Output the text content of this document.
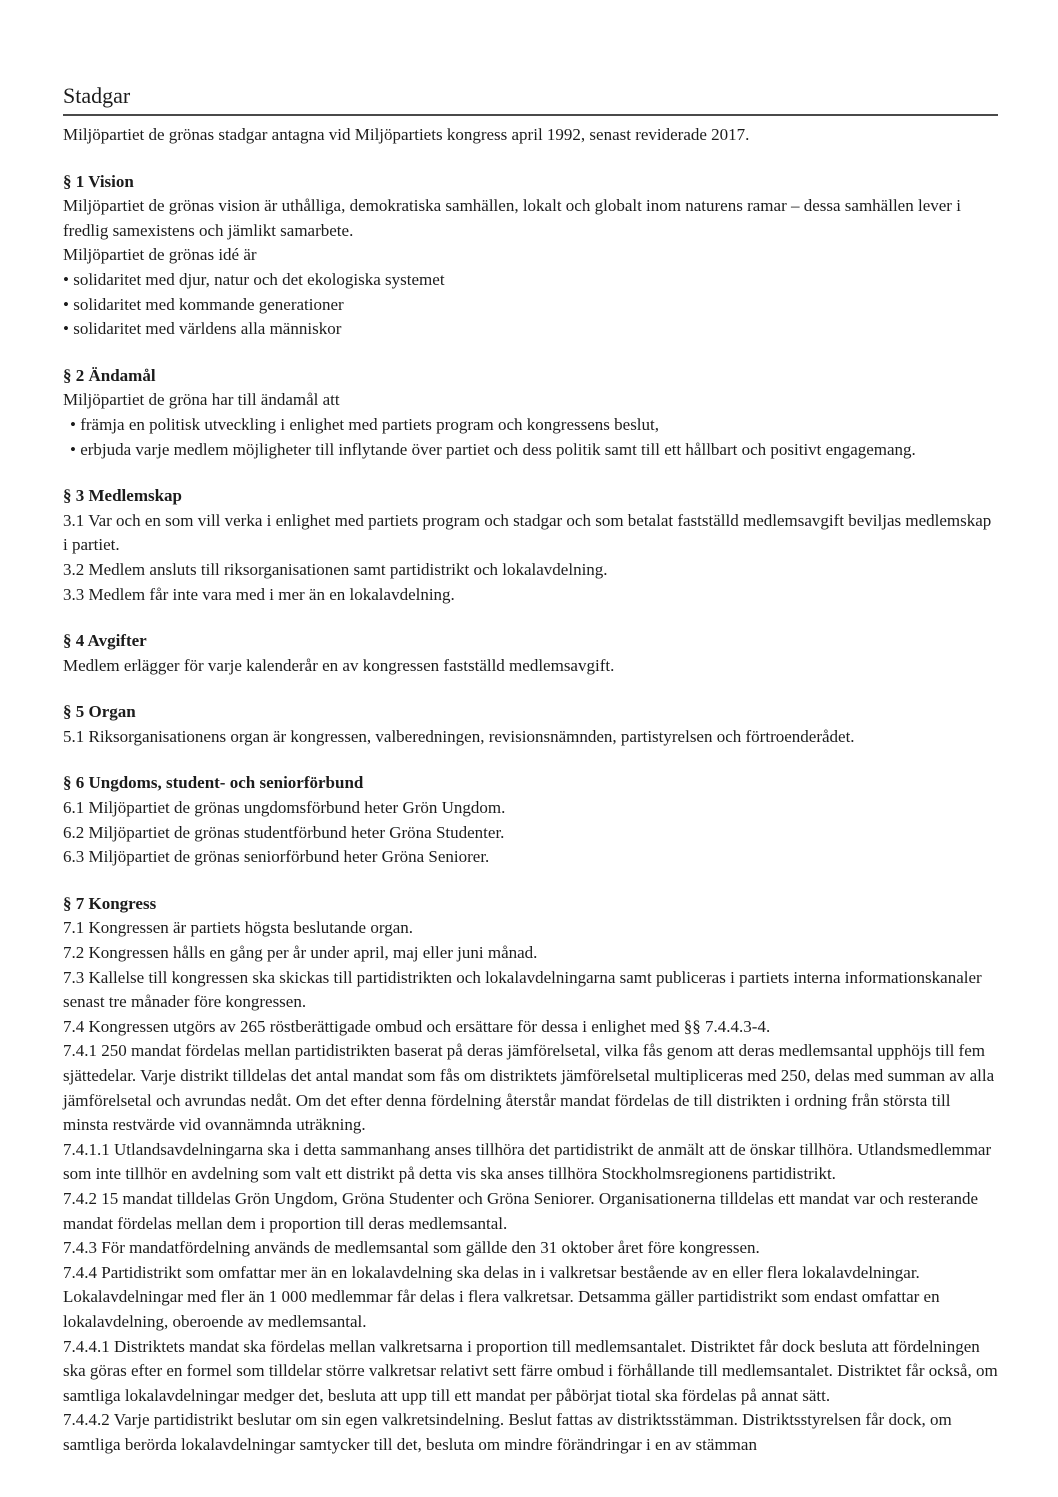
Stadgar

Miljöpartiet de grönas stadgar antagna vid Miljöpartiets kongress april 1992, senast reviderade 2017.

§ 1 Vision

Miljöpartiet de grönas vision är uthålliga, demokratiska samhällen, lokalt och globalt inom naturens ramar – dessa samhällen lever i fredlig samexistens och jämlikt samarbete.

Miljöpartiet de grönas idé är

• solidaritet med djur, natur och det ekologiska systemet

• solidaritet med kommande generationer

• solidaritet med världens alla människor

§ 2 Ändamål

Miljöpartiet de gröna har till ändamål att

• främja en politisk utveckling i enlighet med partiets program och kongressens beslut,

• erbjuda varje medlem möjligheter till inflytande över partiet och dess politik samt till ett hållbart och positivt engagemang.

§ 3 Medlemskap

3.1 Var och en som vill verka i enlighet med partiets program och stadgar och som betalat fastställd medlemsavgift beviljas medlemskap i partiet.

3.2 Medlem ansluts till riksorganisationen samt partidistrikt och lokalavdelning.

3.3 Medlem får inte vara med i mer än en lokalavdelning.

§ 4 Avgifter

Medlem erlägger för varje kalenderår en av kongressen fastställd medlemsavgift.

§ 5 Organ

5.1 Riksorganisationens organ är kongressen, valberedningen, revisionsnämnden, partistyrelsen och förtroenderådet.

§ 6 Ungdoms, student- och seniorförbund

6.1 Miljöpartiet de grönas ungdomsförbund heter Grön Ungdom.

6.2 Miljöpartiet de grönas studentförbund heter Gröna Studenter.

6.3 Miljöpartiet de grönas seniorförbund heter Gröna Seniorer.

§ 7 Kongress

7.1 Kongressen är partiets högsta beslutande organ.

7.2 Kongressen hålls en gång per år under april, maj eller juni månad.

7.3 Kallelse till kongressen ska skickas till partidistrikten och lokalavdelningarna samt publiceras i partiets interna informationskanaler senast tre månader före kongressen.

7.4 Kongressen utgörs av 265 röstberättigade ombud och ersättare för dessa i enlighet med §§ 7.4.4.3-4.

7.4.1 250 mandat fördelas mellan partidistrikten baserat på deras jämförelsetal, vilka fås genom att deras medlemsantal upphöjs till fem sjättedelar. Varje distrikt tilldelas det antal mandat som fås om distriktets jämförelsetal multipliceras med 250, delas med summan av alla jämförelsetal och avrundas nedåt. Om det efter denna fördelning återstår mandat fördelas de till distrikten i ordning från största till minsta restvärde vid ovannämnda uträkning.

7.4.1.1 Utlandsavdelningarna ska i detta sammanhang anses tillhöra det partidistrikt de anmält att de önskar tillhöra. Utlandsmedlemmar som inte tillhör en avdelning som valt ett distrikt på detta vis ska anses tillhöra Stockholmsregionens partidistrikt.

7.4.2 15 mandat tilldelas Grön Ungdom, Gröna Studenter och Gröna Seniorer. Organisationerna tilldelas ett mandat var och resterande mandat fördelas mellan dem i proportion till deras medlemsantal.

7.4.3 För mandatfördelning används de medlemsantal som gällde den 31 oktober året före kongressen.

7.4.4 Partidistrikt som omfattar mer än en lokalavdelning ska delas in i valkretsar bestående av en eller flera lokalavdelningar. Lokalavdelningar med fler än 1 000 medlemmar får delas i flera valkretsar. Detsamma gäller partidistrikt som endast omfattar en lokalavdelning, oberoende av medlemsantal.

7.4.4.1 Distriktets mandat ska fördelas mellan valkretsarna i proportion till medlemsantalet. Distriktet får dock besluta att fördelningen ska göras efter en formel som tilldelar större valkretsar relativt sett färre ombud i förhållande till medlemsantalet. Distriktet får också, om samtliga lokalavdelningar medger det, besluta att upp till ett mandat per påbörjat tiotal ska fördelas på annat sätt.

7.4.4.2 Varje partidistrikt beslutar om sin egen valkretsindelning. Beslut fattas av distriktsstämman. Distriktsstyrelsen får dock, om samtliga berörda lokalavdelningar samtycker till det, besluta om mindre förändringar i en av stämman
